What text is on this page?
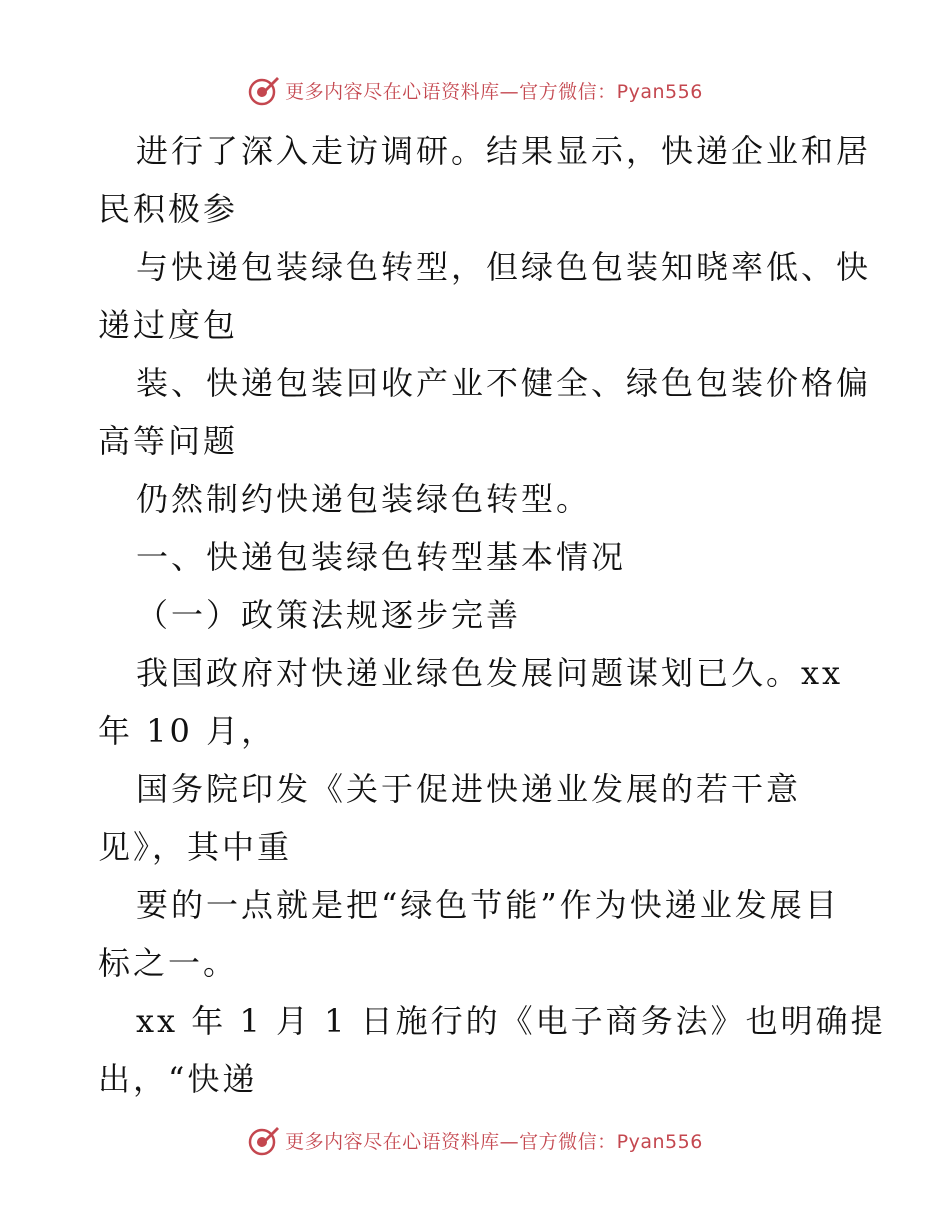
更多内容尽在心语资料库—官方微信：Pyan556
进行了深入走访调研。结果显示，快递企业和居
民积极参
与快递包装绿色转型，但绿色包装知晓率低、快
递过度包
装、快递包装回收产业不健全、绿色包装价格偏
高等问题
仍然制约快递包装绿色转型。
一、快递包装绿色转型基本情况
（一）政策法规逐步完善
我国政府对快递业绿色发展问题谋划已久。xx
年 10 月，
国务院印发《关于促进快递业发展的若干意
见》，其中重
要的一点就是把“绿色节能”作为快递业发展目
标之一。
xx 年 1 月 1 日施行的《电子商务法》也明确提
出，“快递
更多内容尽在心语资料库—官方微信：Pyan556
